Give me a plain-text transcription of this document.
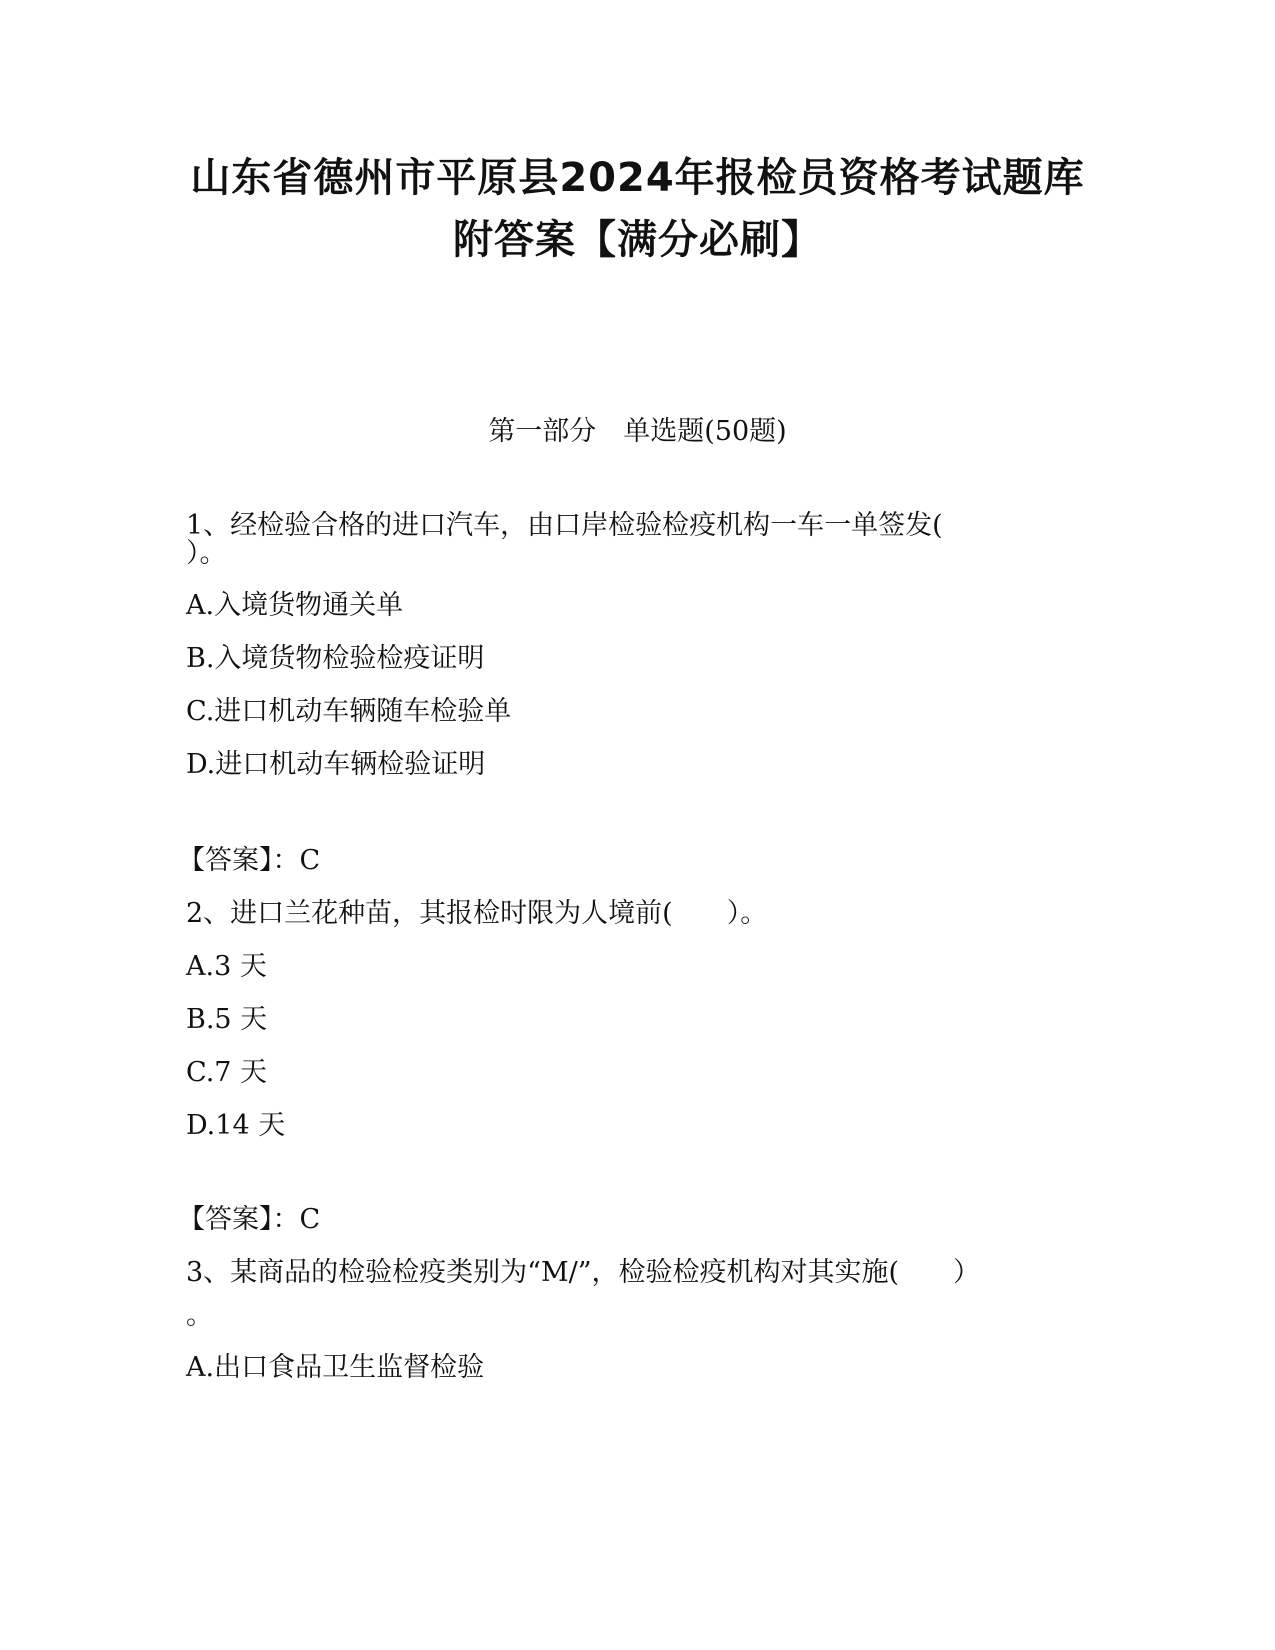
山东省德州市平原县2024年报检员资格考试题库
附答案【满分必刷】
第一部分　单选题(50题)
1、经检验合格的进口汽车，由口岸检验检疫机构一车一单签发(
）。
A.入境货物通关单
B.入境货物检验检疫证明
C.进口机动车辆随车检验单
D.进口机动车辆检验证明
【答案】：C
2、进口兰花种苗，其报检时限为人境前(　　）。
A.3 天
B.5 天
C.7 天
D.14 天
【答案】：C
3、某商品的检验检疫类别为“M/”，检验检疫机构对其实施(　　）
。
A.出口食品卫生监督检验
